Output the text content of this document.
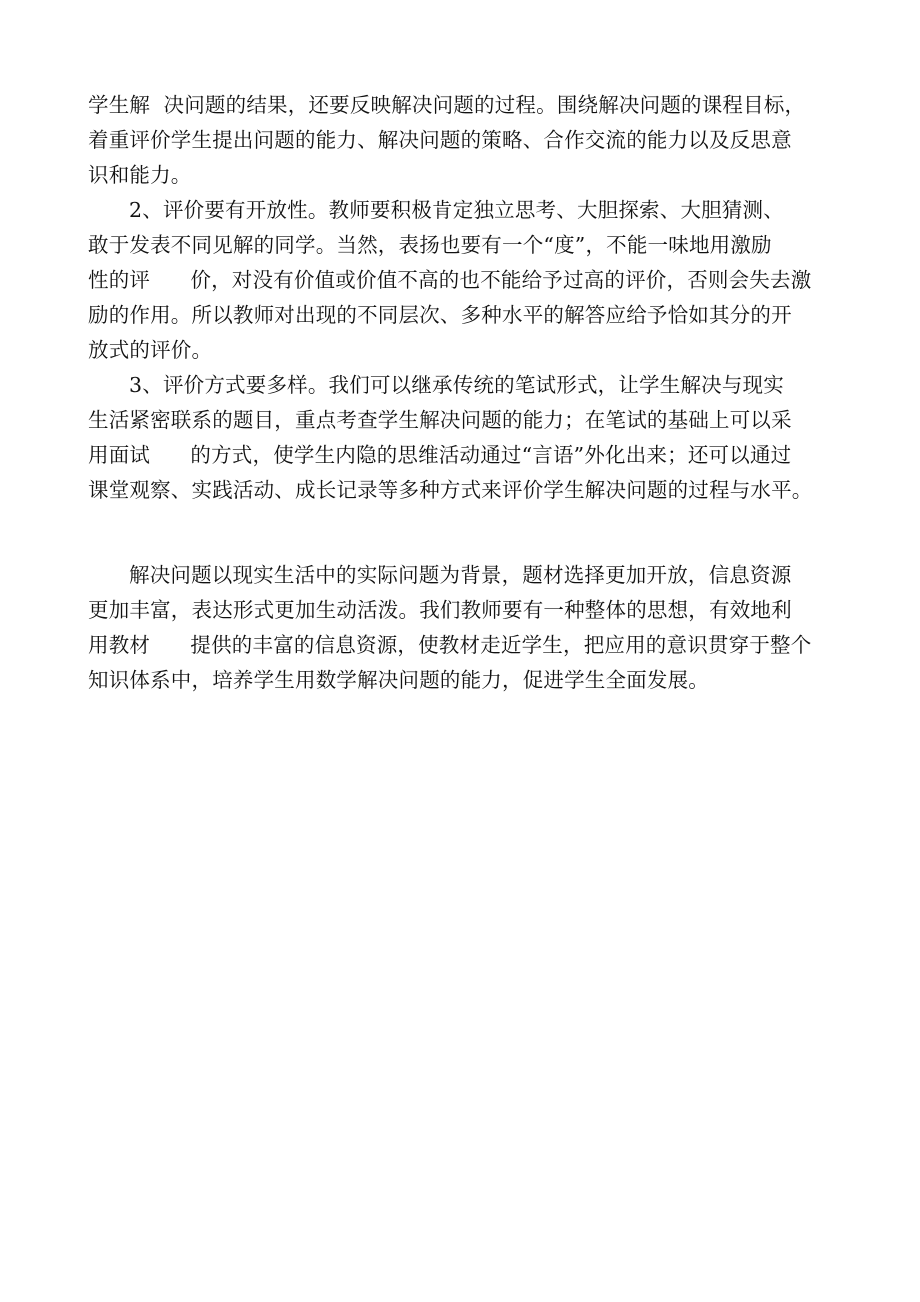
学生解  决问题的结果，还要反映解决问题的过程。围绕解决问题的课程目标，
着重评价学生提出问题的能力、解决问题的策略、合作交流的能力以及反思意
识和能力。
2、评价要有开放性。教师要积极肯定独立思考、大胆探索、大胆猜测、
敢于发表不同见解的同学。当然，表扬也要有一个“度”，不能一味地用激励
性的评      价，对没有价值或价值不高的也不能给予过高的评价，否则会失去激
励的作用。所以教师对出现的不同层次、多种水平的解答应给予恰如其分的开
放式的评价。
3、评价方式要多样。我们可以继承传统的笔试形式，让学生解决与现实
生活紧密联系的题目，重点考查学生解决问题的能力；在笔试的基础上可以采
用面试      的方式，使学生内隐的思维活动通过“言语”外化出来；还可以通过
课堂观察、实践活动、成长记录等多种方式来评价学生解决问题的过程与水平。
解决问题以现实生活中的实际问题为背景，题材选择更加开放，信息资源
更加丰富，表达形式更加生动活泼。我们教师要有一种整体的思想，有效地利
用教材      提供的丰富的信息资源，使教材走近学生，把应用的意识贯穿于整个
知识体系中，培养学生用数学解决问题的能力，促进学生全面发展。
